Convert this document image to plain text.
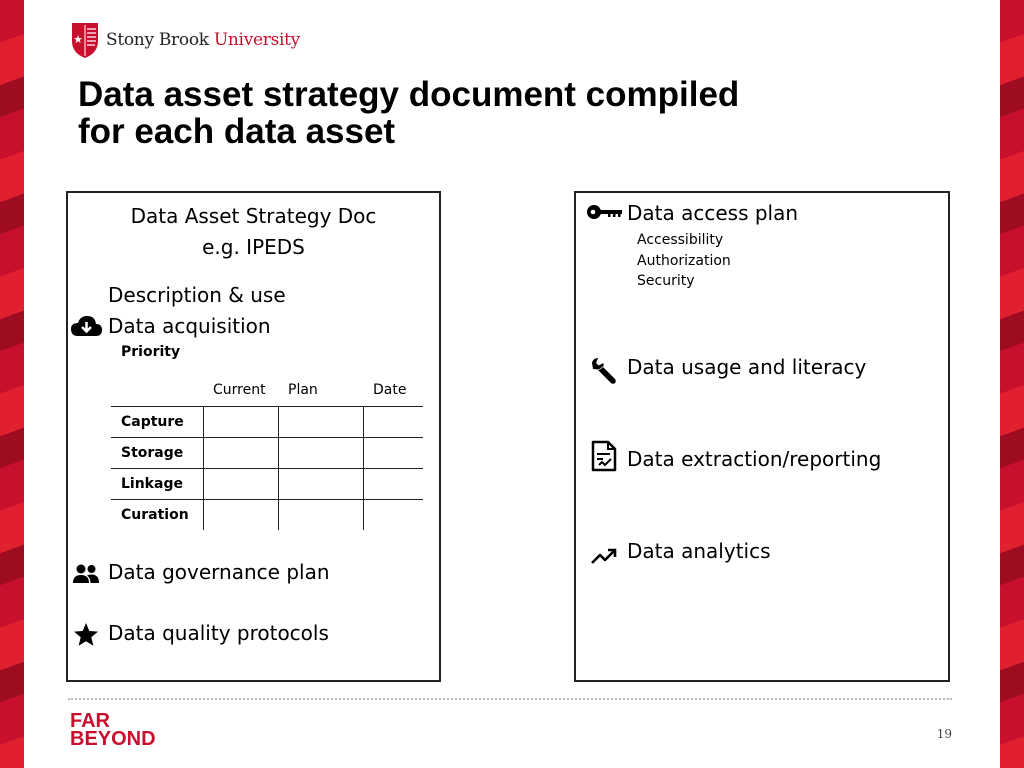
★ Stony Brook University
Data asset strategy document compiled
for each data asset
Data Asset Strategy Doc
e.g. IPEDS
Description & use
Data acquisition
Priority
	Current	Plan	Date
Capture			
Storage			
Linkage			
Curation			
Data governance plan
Data quality protocols
Data access plan
Accessibility
Authorization
Security
Data usage and literacy
Data extraction/reporting
Data analytics
FAR
BEYOND	19
